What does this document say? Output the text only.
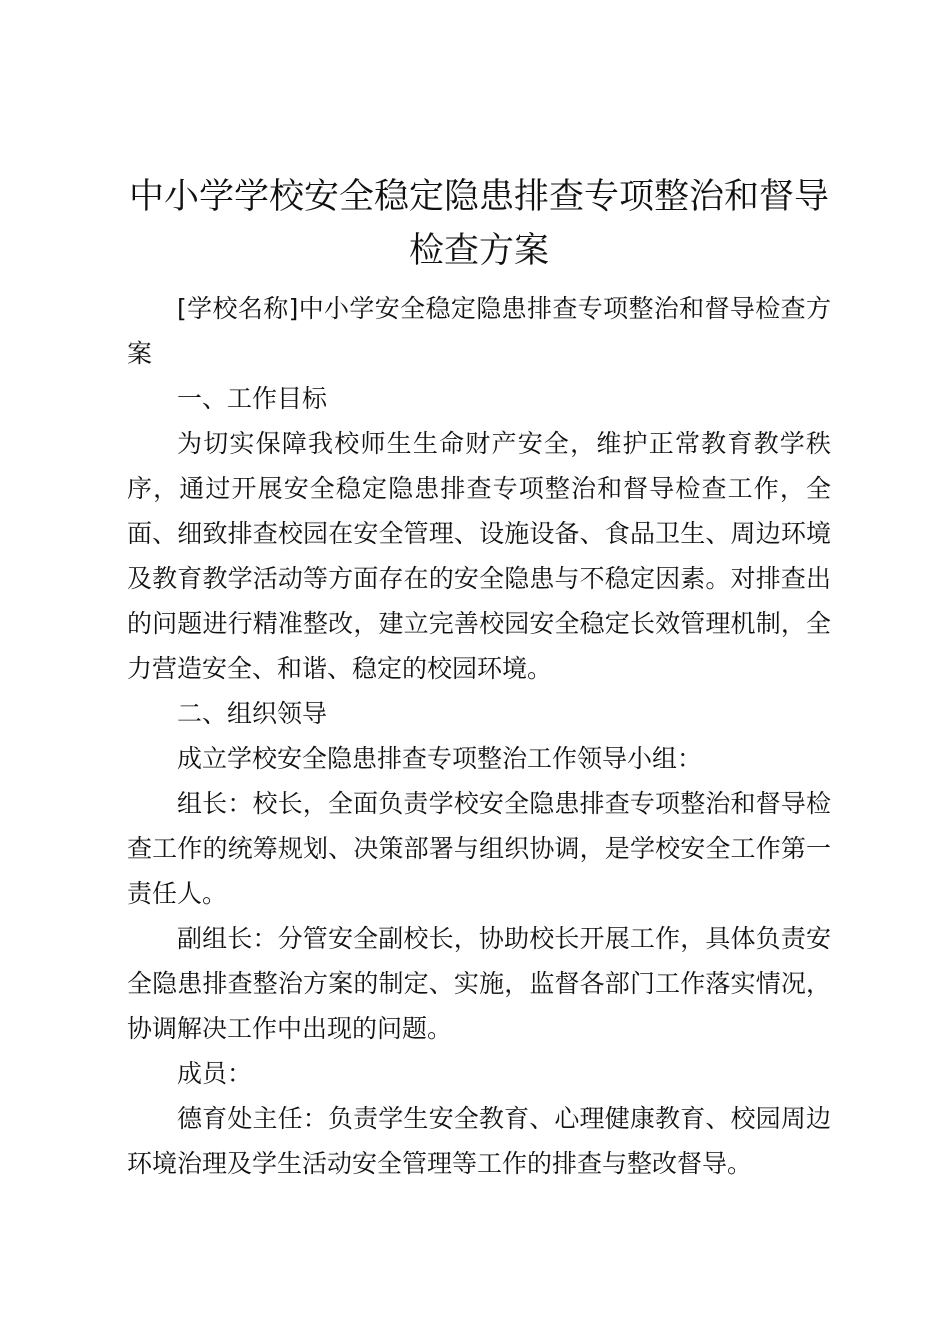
中小学学校安全稳定隐患排查专项整治和督导检查方案

[学校名称]中小学安全稳定隐患排查专项整治和督导检查方案

一、工作目标

为切实保障我校师生生命财产安全，维护正常教育教学秩序，通过开展安全稳定隐患排查专项整治和督导检查工作，全面、细致排查校园在安全管理、设施设备、食品卫生、周边环境及教育教学活动等方面存在的安全隐患与不稳定因素。对排查出的问题进行精准整改，建立完善校园安全稳定长效管理机制，全力营造安全、和谐、稳定的校园环境。

二、组织领导

成立学校安全隐患排查专项整治工作领导小组：

组长：校长，全面负责学校安全隐患排查专项整治和督导检查工作的统筹规划、决策部署与组织协调，是学校安全工作第一责任人。

副组长：分管安全副校长，协助校长开展工作，具体负责安全隐患排查整治方案的制定、实施，监督各部门工作落实情况，协调解决工作中出现的问题。

成员：

德育处主任：负责学生安全教育、心理健康教育、校园周边环境治理及学生活动安全管理等工作的排查与整改督导。
